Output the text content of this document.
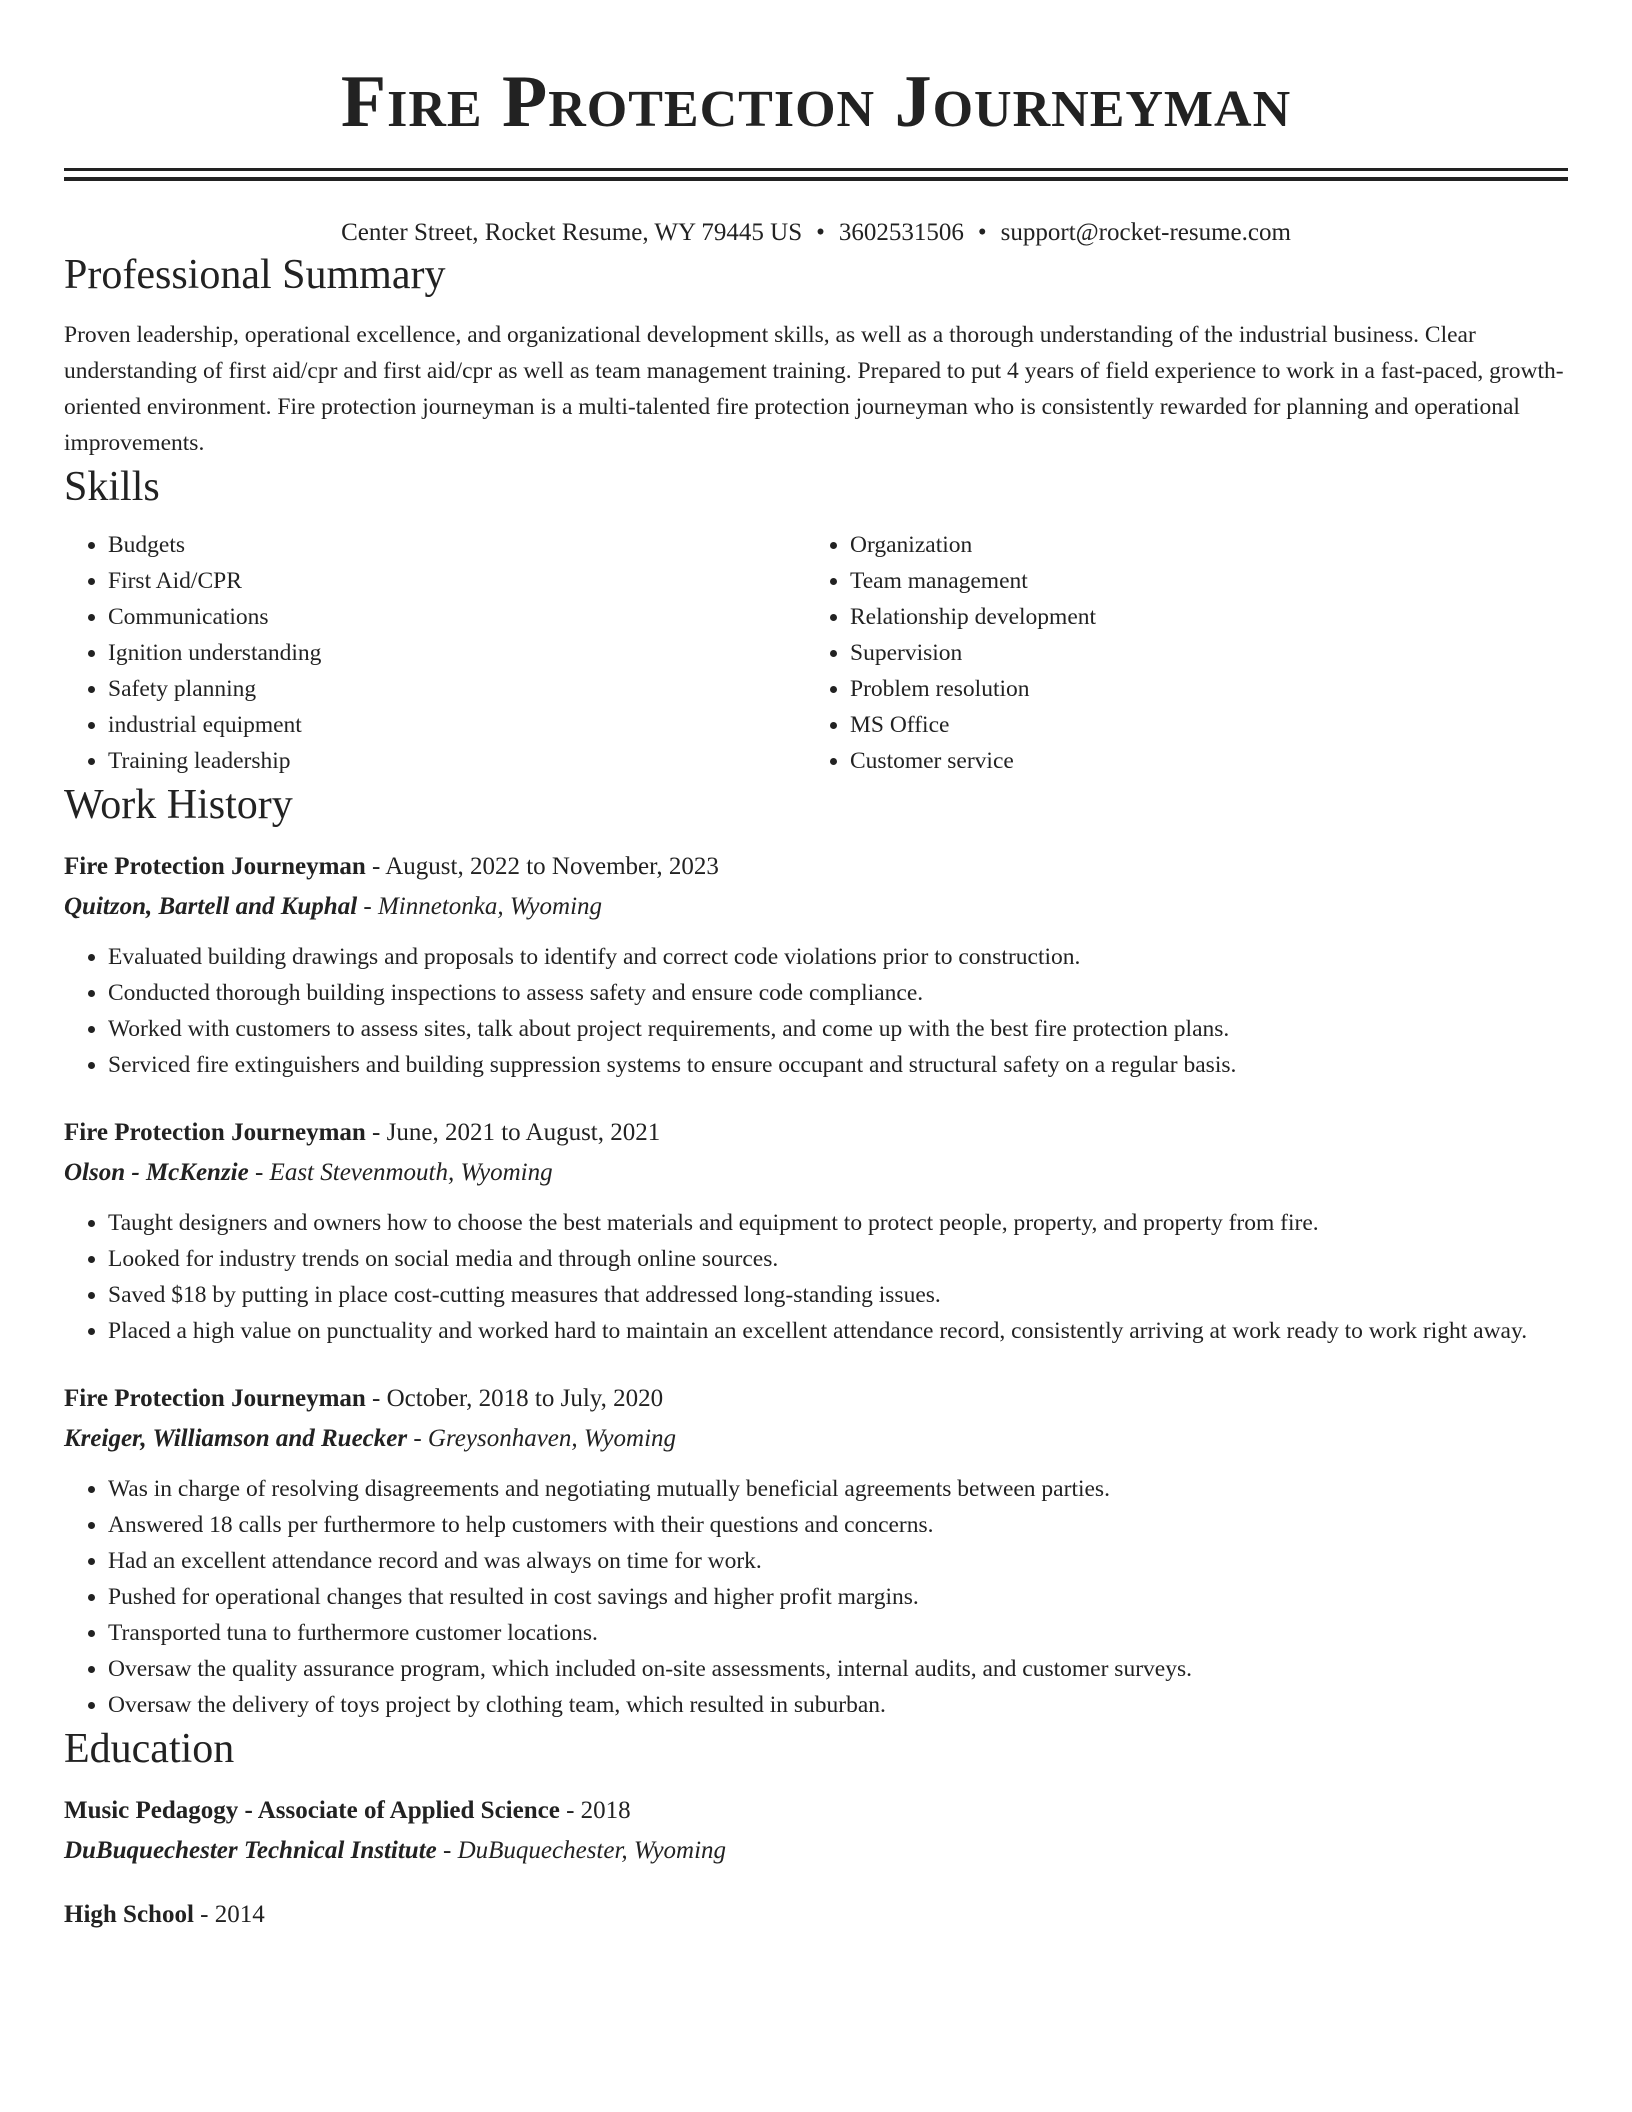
Fire Protection Journeyman
Center Street, Rocket Resume, WY 79445 US • 3602531506 • support@rocket-resume.com
Professional Summary

Proven leadership, operational excellence, and organizational development skills, as well as a thorough understanding of the industrial business. Clear understanding of first aid/cpr and first aid/cpr as well as team management training. Prepared to put 4 years of field experience to work in a fast-paced, growth-oriented environment. Fire protection journeyman is a multi-talented fire protection journeyman who is consistently rewarded for planning and operational improvements.

Skills
• Budgets
• First Aid/CPR
• Communications
• Ignition understanding
• Safety planning
• industrial equipment
• Training leadership
• Organization
• Team management
• Relationship development
• Supervision
• Problem resolution
• MS Office
• Customer service
Work History
Fire Protection Journeyman - August, 2022 to November, 2023
Quitzon, Bartell and Kuphal - Minnetonka, Wyoming
• Evaluated building drawings and proposals to identify and correct code violations prior to construction.
• Conducted thorough building inspections to assess safety and ensure code compliance.
• Worked with customers to assess sites, talk about project requirements, and come up with the best fire protection plans.
• Serviced fire extinguishers and building suppression systems to ensure occupant and structural safety on a regular basis.
Fire Protection Journeyman - June, 2021 to August, 2021
Olson - McKenzie - East Stevenmouth, Wyoming
• Taught designers and owners how to choose the best materials and equipment to protect people, property, and property from fire.
• Looked for industry trends on social media and through online sources.
• Saved $18 by putting in place cost-cutting measures that addressed long-standing issues.
• Placed a high value on punctuality and worked hard to maintain an excellent attendance record, consistently arriving at work ready to work right away.
Fire Protection Journeyman - October, 2018 to July, 2020
Kreiger, Williamson and Ruecker - Greysonhaven, Wyoming
• Was in charge of resolving disagreements and negotiating mutually beneficial agreements between parties.
• Answered 18 calls per furthermore to help customers with their questions and concerns.
• Had an excellent attendance record and was always on time for work.
• Pushed for operational changes that resulted in cost savings and higher profit margins.
• Transported tuna to furthermore customer locations.
• Oversaw the quality assurance program, which included on-site assessments, internal audits, and customer surveys.
• Oversaw the delivery of toys project by clothing team, which resulted in suburban.
Education
Music Pedagogy - Associate of Applied Science - 2018
DuBuquechester Technical Institute - DuBuquechester, Wyoming
High School - 2014
